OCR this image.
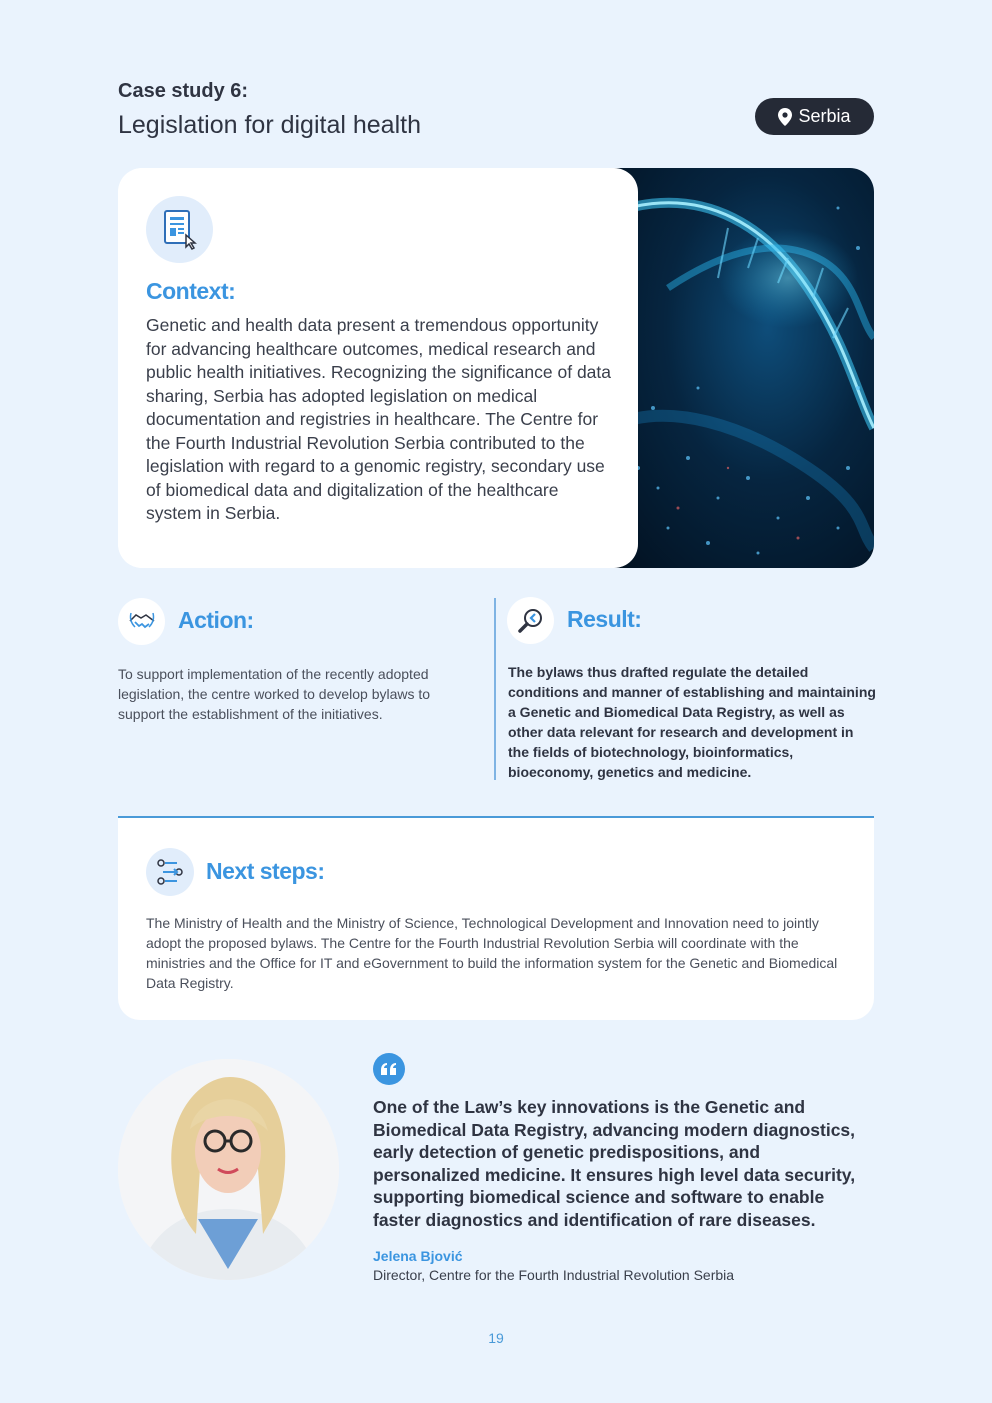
Case study 6:
Legislation for digital health	Serbia
Context:

Genetic and health data present a tremendous opportunity for advancing healthcare outcomes, medical research and public health initiatives. Recognizing the significance of data sharing, Serbia has adopted legislation on medical documentation and registries in healthcare. The Centre for the Fourth Industrial Revolution Serbia contributed to the legislation with regard to a genomic registry, secondary use of biomedical data and digitalization of the healthcare system in Serbia.

Action:

To support implementation of the recently adopted legislation, the centre worked to develop bylaws to support the establishment of the initiatives.

Result:

The bylaws thus drafted regulate the detailed conditions and manner of establishing and maintaining a Genetic and Biomedical Data Registry, as well as other data relevant for research and development in the fields of biotechnology, bioinformatics, bioeconomy, genetics and medicine.

Next steps:

The Ministry of Health and the Ministry of Science, Technological Development and Innovation need to jointly adopt the proposed bylaws. The Centre for the Fourth Industrial Revolution Serbia will coordinate with the ministries and the Office for IT and eGovernment to build the information system for the Genetic and Biomedical Data Registry.

One of the Law’s key innovations is the Genetic and Biomedical Data Registry, advancing modern diagnostics, early detection of genetic predispositions, and personalized medicine. It ensures high level data security, supporting biomedical science and software to enable faster diagnostics and identification of rare diseases.

Jelena Bjović
Director, Centre for the Fourth Industrial Revolution Serbia
19
